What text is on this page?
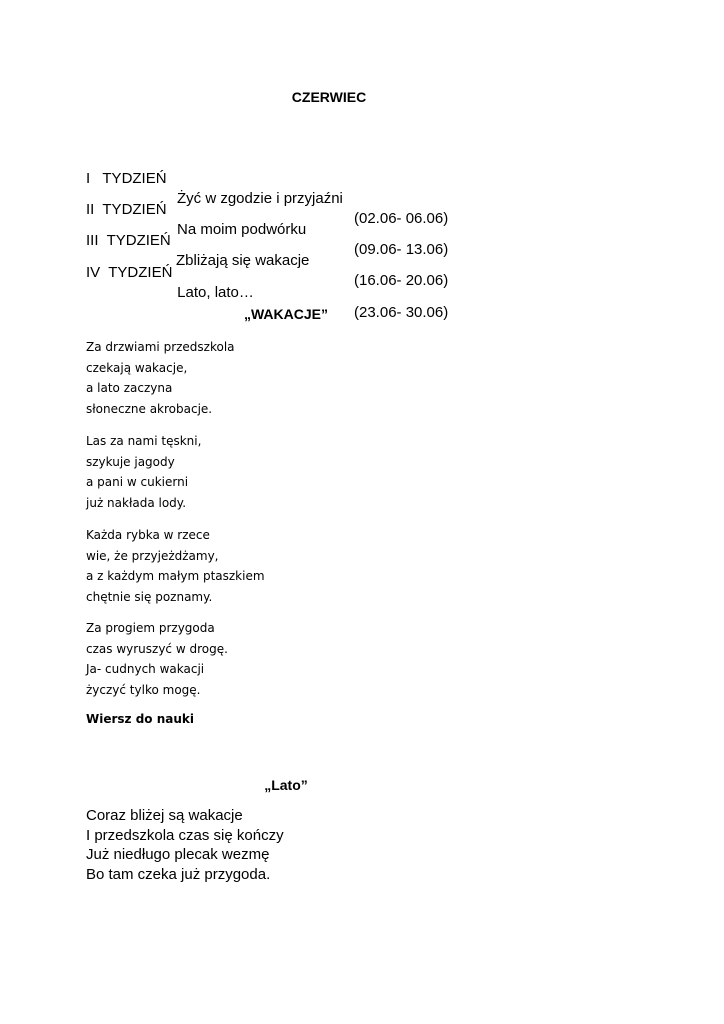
CZERWIEC

I   TYDZIEŃ

Żyć w zgodzie i przyjaźni

(02.06- 06.06)

II  TYDZIEŃ

Na moim podwórku

(09.06- 13.06)

III  TYDZIEŃ

Zbliżają się wakacje

(16.06- 20.06)

IV  TYDZIEŃ

Lato, lato…

(23.06- 30.06)

„WAKACJE”
Za drzwiami przedszkola
czekają wakacje,
a lato zaczyna
słoneczne akrobacje.
Las za nami tęskni,
szykuje jagody
a pani w cukierni
już nakłada lody.
Każda rybka w rzece
wie, że przyjeżdżamy,
a z każdym małym ptaszkiem
chętnie się poznamy.
Za progiem przygoda
czas wyruszyć w drogę.
Ja- cudnych wakacji
życzyć tylko mogę.
Wiersz do nauki
„Lato”
Coraz bliżej są wakacje
I przedszkola czas się kończy
Już niedługo plecak wezmę
Bo tam czeka już przygoda.
